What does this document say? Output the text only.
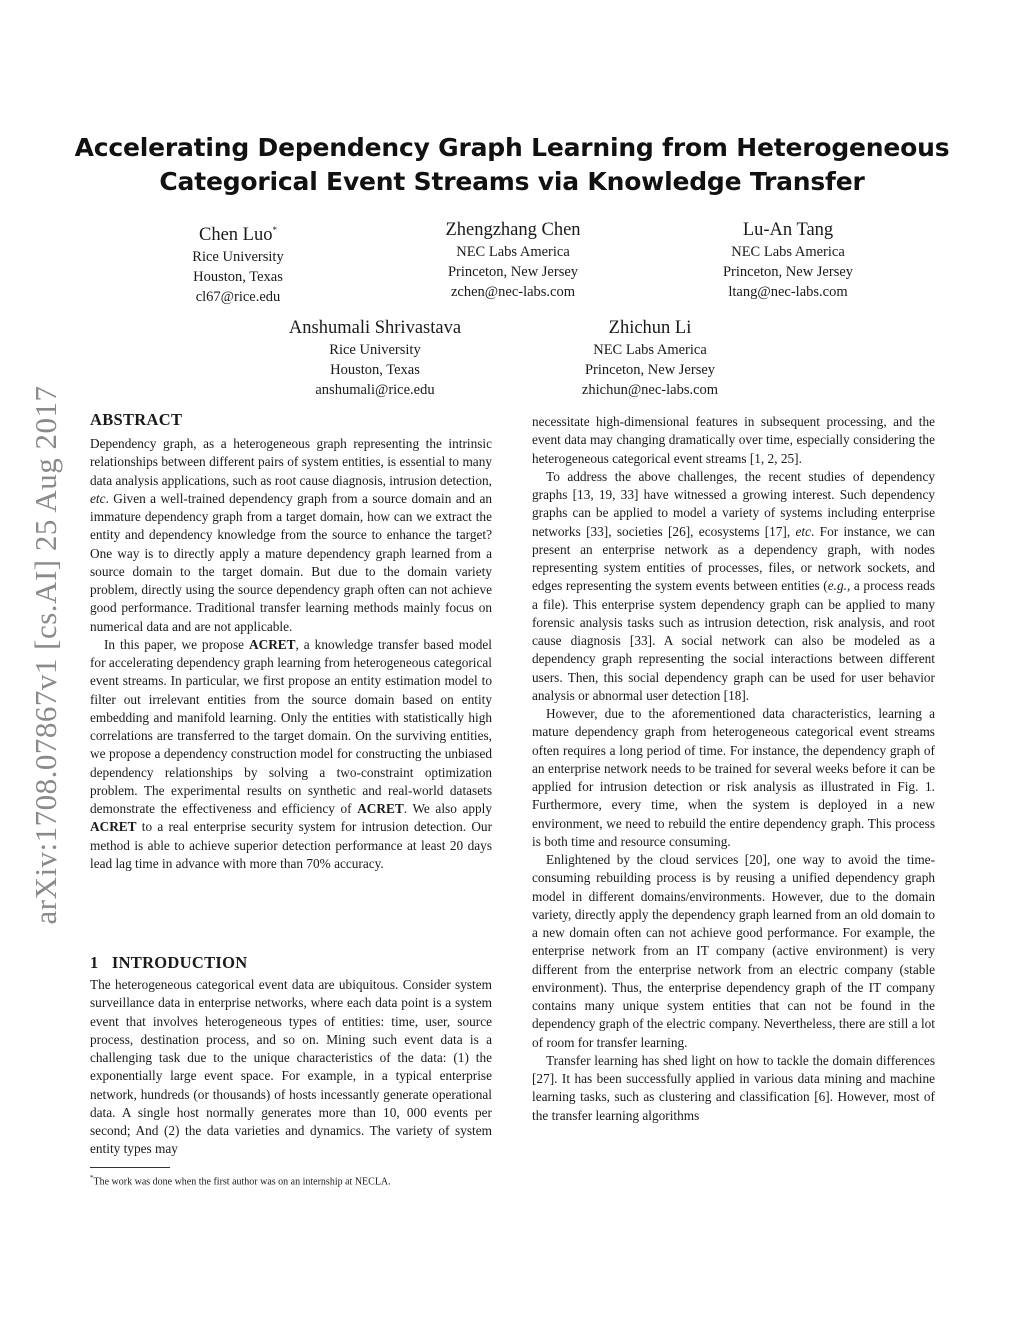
arXiv:1708.07867v1 [cs.AI] 25 Aug 2017
Accelerating Dependency Graph Learning from Heterogeneous
Categorical Event Streams via Knowledge Transfer
Chen Luo*
Rice University
Houston, Texas
cl67@rice.edu
Zhengzhang Chen
NEC Labs America
Princeton, New Jersey
zchen@nec-labs.com
Lu-An Tang
NEC Labs America
Princeton, New Jersey
ltang@nec-labs.com
Anshumali Shrivastava
Rice University
Houston, Texas
anshumali@rice.edu
Zhichun Li
NEC Labs America
Princeton, New Jersey
zhichun@nec-labs.com
ABSTRACT

Dependency graph, as a heterogeneous graph representing the intrinsic relationships between different pairs of system entities, is essential to many data analysis applications, such as root cause diagnosis, intrusion detection, etc. Given a well-trained dependency graph from a source domain and an immature dependency graph from a target domain, how can we extract the entity and dependency knowledge from the source to enhance the target? One way is to directly apply a mature dependency graph learned from a source domain to the target domain. But due to the domain variety problem, directly using the source dependency graph often can not achieve good performance. Traditional transfer learning methods mainly focus on numerical data and are not applicable.

In this paper, we propose ACRET, a knowledge transfer based model for accelerating dependency graph learning from heterogeneous categorical event streams. In particular, we first propose an entity estimation model to filter out irrelevant entities from the source domain based on entity embedding and manifold learning. Only the entities with statistically high correlations are transferred to the target domain. On the surviving entities, we propose a dependency construction model for constructing the unbiased dependency relationships by solving a two-constraint optimization problem. The experimental results on synthetic and real-world datasets demonstrate the effectiveness and efficiency of ACRET. We also apply ACRET to a real enterprise security system for intrusion detection. Our method is able to achieve superior detection performance at least 20 days lead lag time in advance with more than 70% accuracy.

1 INTRODUCTION

The heterogeneous categorical event data are ubiquitous. Consider system surveillance data in enterprise networks, where each data point is a system event that involves heterogeneous types of entities: time, user, source process, destination process, and so on. Mining such event data is a challenging task due to the unique characteristics of the data: (1) the exponentially large event space. For example, in a typical enterprise network, hundreds (or thousands) of hosts incessantly generate operational data. A single host normally generates more than 10, 000 events per second; And (2) the data varieties and dynamics. The variety of system entity types may

*The work was done when the first author was on an internship at NECLA.

necessitate high-dimensional features in subsequent processing, and the event data may changing dramatically over time, especially considering the heterogeneous categorical event streams [1, 2, 25].

To address the above challenges, the recent studies of dependency graphs [13, 19, 33] have witnessed a growing interest. Such dependency graphs can be applied to model a variety of systems including enterprise networks [33], societies [26], ecosystems [17], etc. For instance, we can present an enterprise network as a dependency graph, with nodes representing system entities of processes, files, or network sockets, and edges representing the system events between entities (e.g., a process reads a file). This enterprise system dependency graph can be applied to many forensic analysis tasks such as intrusion detection, risk analysis, and root cause diagnosis [33]. A social network can also be modeled as a dependency graph representing the social interactions between different users. Then, this social dependency graph can be used for user behavior analysis or abnormal user detection [18].

However, due to the aforementioned data characteristics, learning a mature dependency graph from heterogeneous categorical event streams often requires a long period of time. For instance, the dependency graph of an enterprise network needs to be trained for several weeks before it can be applied for intrusion detection or risk analysis as illustrated in Fig. 1. Furthermore, every time, when the system is deployed in a new environment, we need to rebuild the entire dependency graph. This process is both time and resource consuming.

Enlightened by the cloud services [20], one way to avoid the time-consuming rebuilding process is by reusing a unified dependency graph model in different domains/environments. However, due to the domain variety, directly apply the dependency graph learned from an old domain to a new domain often can not achieve good performance. For example, the enterprise network from an IT company (active environment) is very different from the enterprise network from an electric company (stable environment). Thus, the enterprise dependency graph of the IT company contains many unique system entities that can not be found in the dependency graph of the electric company. Nevertheless, there are still a lot of room for transfer learning.

Transfer learning has shed light on how to tackle the domain differences [27]. It has been successfully applied in various data mining and machine learning tasks, such as clustering and classification [6]. However, most of the transfer learning algorithms
